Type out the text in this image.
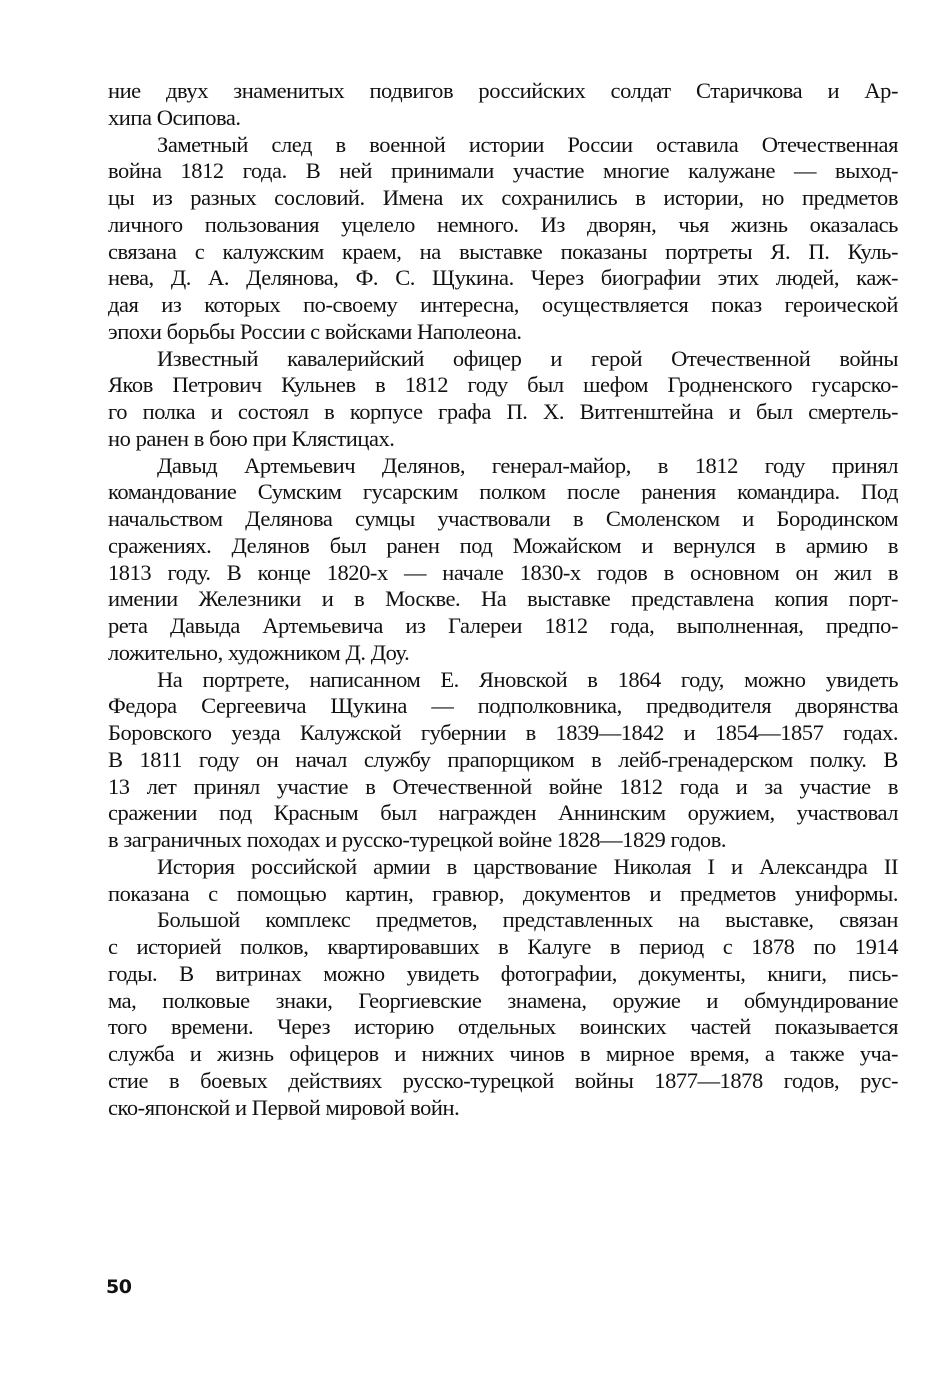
ние двух знаменитых подвигов российских солдат Старичкова и Ар-
хипа Осипова.

Заметный след в военной истории России оставила Отечественная
война 1812 года. В ней принимали участие многие калужане — выход-
цы из разных сословий. Имена их сохранились в истории, но предметов
личного пользования уцелело немного. Из дворян, чья жизнь оказалась
связана с калужским краем, на выставке показаны портреты Я. П. Куль-
нева, Д. А. Делянова, Ф. С. Щукина. Через биографии этих людей, каж-
дая из которых по-своему интересна, осуществляется показ героической
эпохи борьбы России с войсками Наполеона.

Известный кавалерийский офицер и герой Отечественной войны
Яков Петрович Кульнев в 1812 году был шефом Гродненского гусарско-
го полка и состоял в корпусе графа П. Х. Витгенштейна и был смертель-
но ранен в бою при Клястицах.

Давыд Артемьевич Делянов, генерал-майор, в 1812 году принял
командование Сумским гусарским полком после ранения командира. Под
начальством Делянова сумцы участвовали в Смоленском и Бородинском
сражениях. Делянов был ранен под Можайском и вернулся в армию в
1813 году. В конце 1820-х — начале 1830-х годов в основном он жил в
имении Железники и в Москве. На выставке представлена копия порт-
рета Давыда Артемьевича из Галереи 1812 года, выполненная, предпо-
ложительно, художником Д. Доу.

На портрете, написанном Е. Яновской в 1864 году, можно увидеть
Федора Сергеевича Щукина — подполковника, предводителя дворянства
Боровского уезда Калужской губернии в 1839—1842 и 1854—1857 годах.
В 1811 году он начал службу прапорщиком в лейб-гренадерском полку. В
13 лет принял участие в Отечественной войне 1812 года и за участие в
сражении под Красным был награжден Аннинским оружием, участвовал
в заграничных походах и русско-турецкой войне 1828—1829 годов.

История российской армии в царствование Николая I и Александра II
показана с помощью картин, гравюр, документов и предметов униформы.

Большой комплекс предметов, представленных на выставке, связан
с историей полков, квартировавших в Калуге в период с 1878 по 1914
годы. В витринах можно увидеть фотографии, документы, книги, пись-
ма, полковые знаки, Георгиевские знамена, оружие и обмундирование
того времени. Через историю отдельных воинских частей показывается
служба и жизнь офицеров и нижних чинов в мирное время, а также уча-
стие в боевых действиях русско-турецкой войны 1877—1878 годов, рус-
ско-японской и Первой мировой войн.

50
